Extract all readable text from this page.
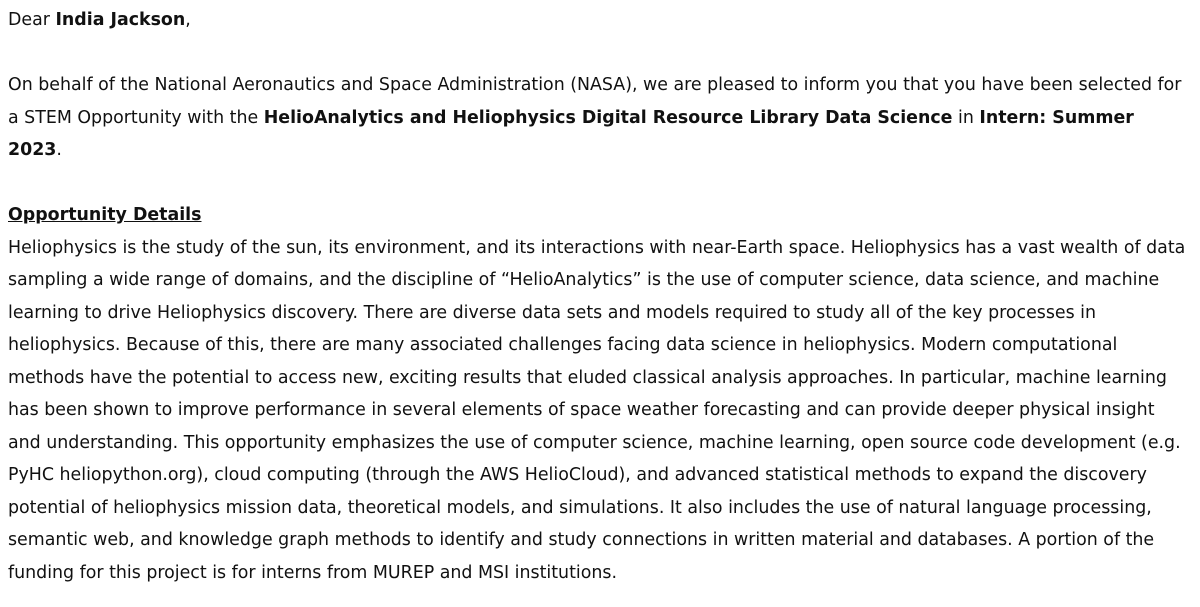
Dear India Jackson,

On behalf of the National Aeronautics and Space Administration (NASA), we are pleased to inform you that you have been selected for a STEM Opportunity with the HelioAnalytics and Heliophysics Digital Resource Library Data Science in Intern: Summer 2023.

Opportunity Details

Heliophysics is the study of the sun, its environment, and its interactions with near-Earth space. Heliophysics has a vast wealth of data sampling a wide range of domains, and the discipline of “HelioAnalytics” is the use of computer science, data science, and machine learning to drive Heliophysics discovery. There are diverse data sets and models required to study all of the key processes in heliophysics. Because of this, there are many associated challenges facing data science in heliophysics. Modern computational methods have the potential to access new, exciting results that eluded classical analysis approaches. In particular, machine learning has been shown to improve performance in several elements of space weather forecasting and can provide deeper physical insight and understanding. This opportunity emphasizes the use of computer science, machine learning, open source code development (e.g. PyHC heliopython.org), cloud computing (through the AWS HelioCloud), and advanced statistical methods to expand the discovery potential of heliophysics mission data, theoretical models, and simulations. It also includes the use of natural language processing, semantic web, and knowledge graph methods to identify and study connections in written material and databases. A portion of the funding for this project is for interns from MUREP and MSI institutions.
